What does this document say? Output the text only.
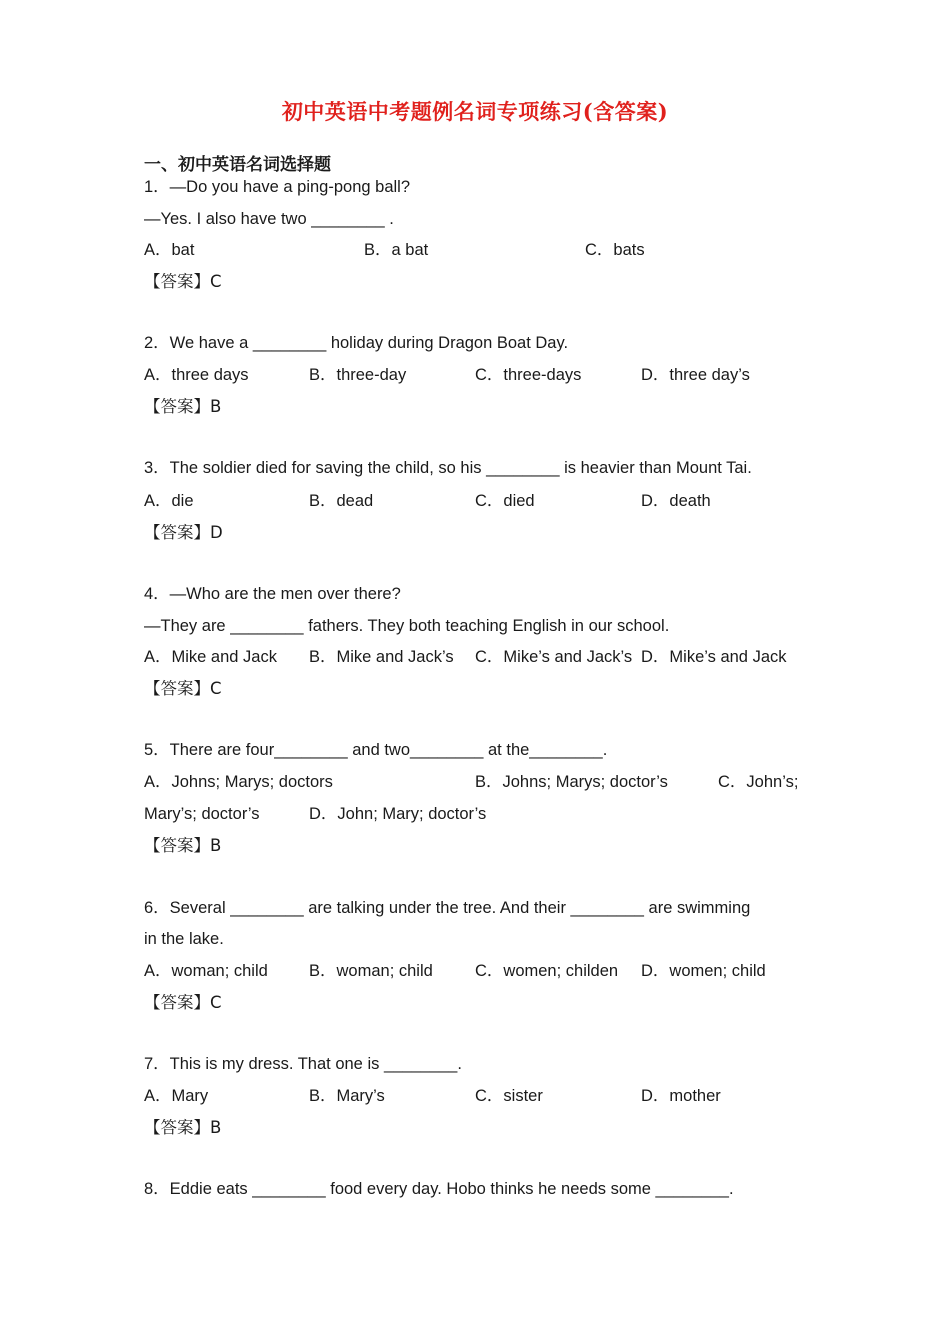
初中英语中考题例名词专项练习(含答案)
一、初中英语名词选择题
1．—Do you have a ping-pong ball?
—Yes. I also have two ________ .
A．bat	B．a bat	C．bats
【答案】C
2．We have a ________ holiday during Dragon Boat Day.
A．three days	B．three-day	C．three-days	D．three day’s
【答案】B
3．The soldier died for saving the child, so his ________ is heavier than Mount Tai.
A．die	B．dead	C．died	D．death
【答案】D
4．—Who are the men over there?
—They are ________ fathers. They both teaching English in our school.
A．Mike and Jack B．Mike and Jack’s C．Mike’s and Jack’s D．Mike’s and Jack
【答案】C
5．There are four________ and two________ at the________.
A．Johns; Marys; doctors	B．Johns; Marys; doctor’s	C．John’s;
Mary’s; doctor’s	D．John; Mary; doctor’s
【答案】B
6．Several ________ are talking under the tree. And their ________ are swimming
in the lake.
A．woman; child B．woman; child	C．women; childen D．women; child
【答案】C
7．This is my dress. That one is ________.
A．Mary	B．Mary’s	C．sister	D．mother
【答案】B
8．Eddie eats ________ food every day. Hobo thinks he needs some ________.
